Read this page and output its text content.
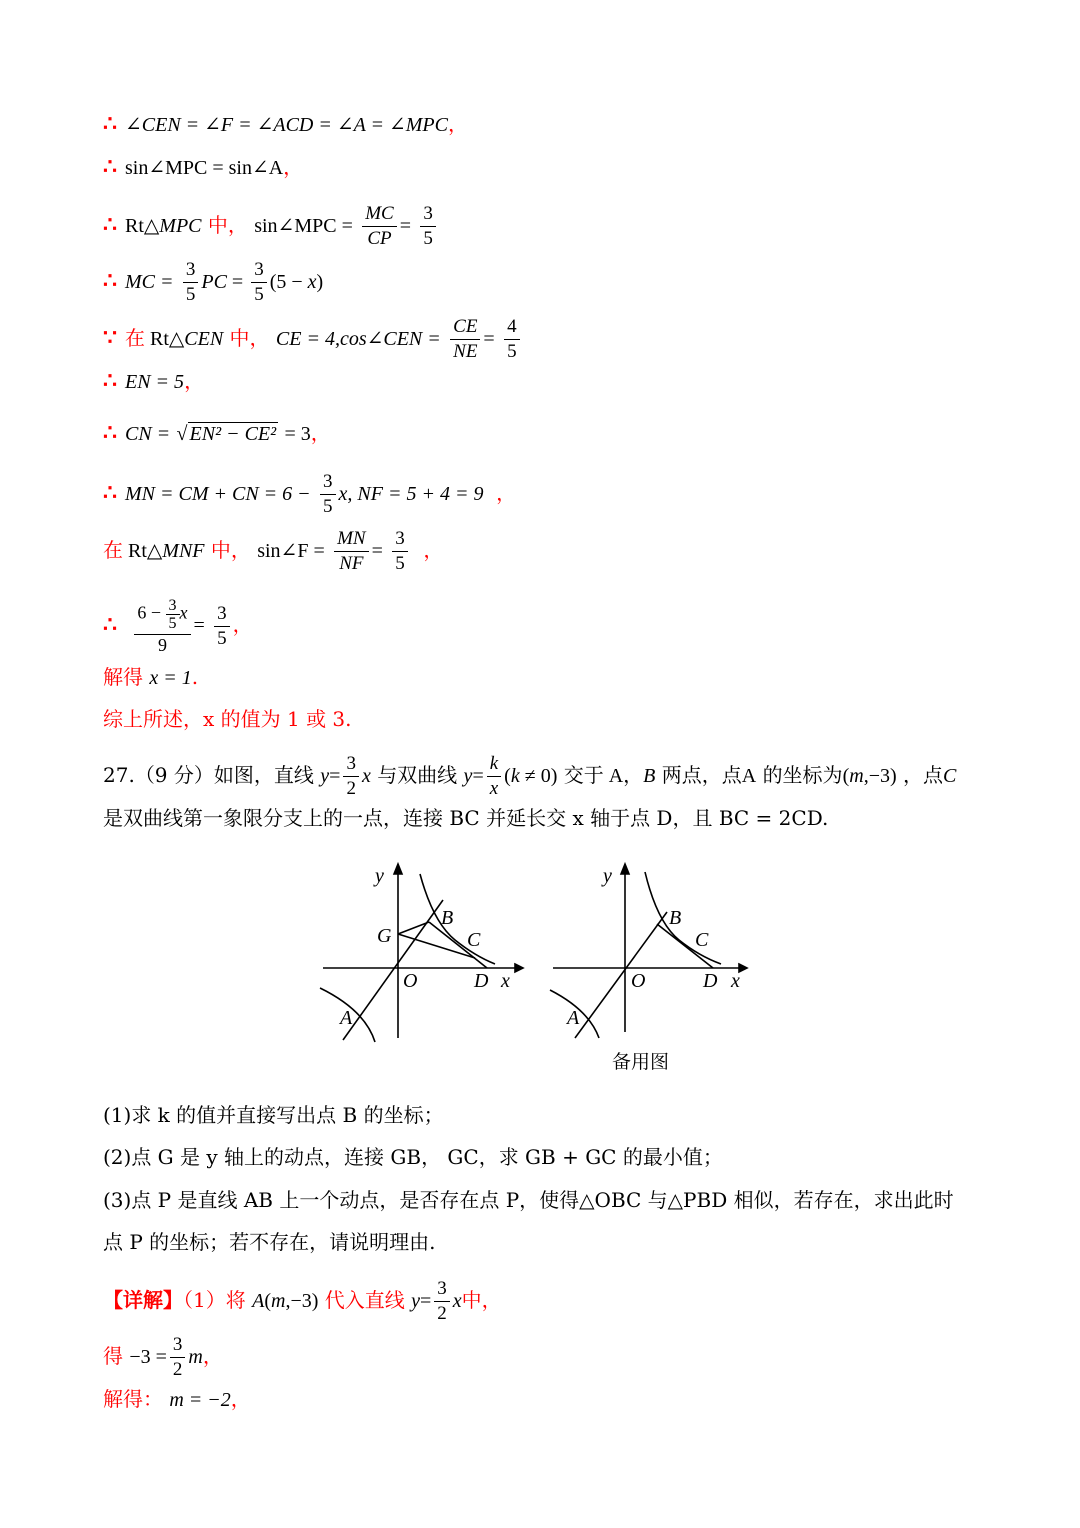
∴ ∠CEN = ∠F = ∠ACD = ∠A = ∠MPC，
∴ sin∠MPC = sin∠A，
∴ Rt△MPC 中， sin∠MPC = $\frac{MC}{CP} = \frac{3}{5}$
∴ MC = $\frac{3}{5}$ PC = $\frac{3}{5} (5 - x)$
∵ 在 Rt△CEN 中， CE = 4,cos∠CEN = $\frac{CE}{NE} = \frac{4}{5}$
∴ EN = 5，
∴ CN = √ EN² − CE² = 3，
∴ MN = CM + CN = $6 - \frac{3}{5} x$, NF = 5 + 4 = 9  ，
在 Rt△MNF 中， sin∠F = $\frac{MN}{NF} = \frac{3}{5}$ ，
∴ $\frac{6 - \frac{3}{5} x}{9} = \frac{3}{5}$ ，
解得 x = 1.
综上所述，x 的值为 1 或 3.
27.（9 分）如图，直线 $y= \frac{3}{2}$ x 与双曲线 $y= \frac{k}{x} (k \ne 0)$ 交于 A，B 两点，点A 的坐标为(m,−3) ，点C
是双曲线第一象限分支上的一点，连接 BC 并延长交 x 轴于点 D，且 BC = 2CD.
y
x
O
A
B
C
D
G
y
x
O
A
B
C
D
备用图
(1)求 k 的值并直接写出点 B 的坐标；
(2)点 G 是 y 轴上的动点，连接 GB， GC，求 GB + GC 的最小值；
(3)点 P 是直线 AB 上一个动点，是否存在点 P，使得△OBC 与△PBD 相似，若存在，求出此时
点 P 的坐标；若不存在，请说明理由.
【详解】（1）将 A(m,−3) 代入直线 $y= \frac{3}{2}$ x中，
得 $-3 = \frac{3}{2}$ m，
解得： m = −2，
